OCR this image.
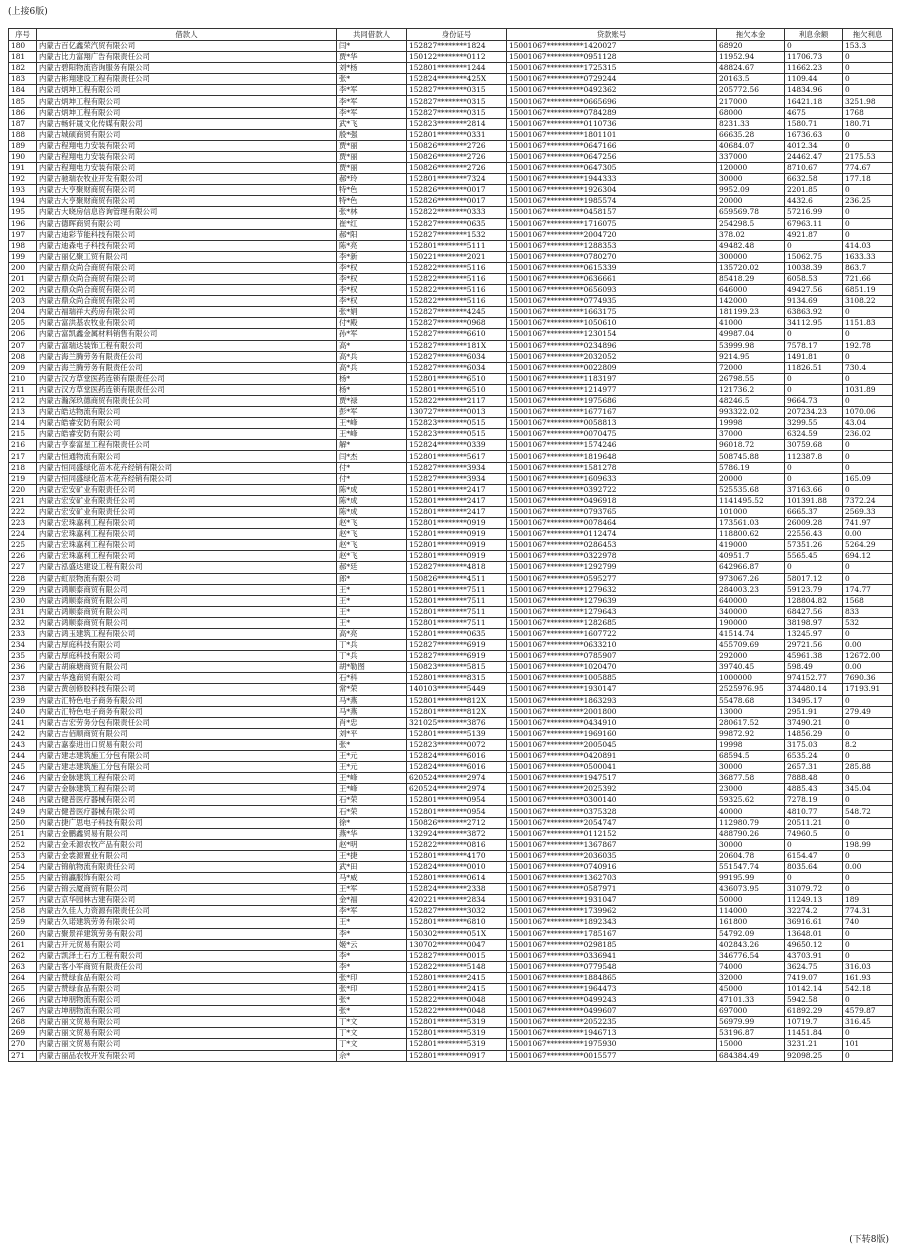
(上接6版)
序号	借款人	共同借款人	身份证号	贷款账号	拖欠本金	利息余额	拖欠利息
180	内蒙古百亿鑫荣汽贸有限公司	闫*	152827********1824	15001067**********1420027	68920	0	153.3
181	内蒙古比力富翔广告有限责任公司	贾*华	150122********0112	15001067**********0951128	11952.94	11706.73	0
182	内蒙古碧阳物流咨询服务有限公司	刘*杨	152801********1244	15001067**********1725315	48824.67	11662.23	0
183	内蒙古彬翔建设工程有限责任公司	张*	152824********425X	15001067**********0729244	20163.5	1109.44	0
184	内蒙古炳坤工程有限公司	李*军	152827********0315	15001067**********0492362	205772.56	14834.96	0
185	内蒙古炳坤工程有限公司	李*军	152827********0315	15001067**********0665696	217000	16421.18	3251.98
186	内蒙古炳坤工程有限公司	李*军	152827********0315	15001067**********0784289	68000	4675	1768
187	内蒙古畅轩晟文化传媒有限公司	武*飞	152823********2814	15001067**********0110736	8231.33	1580.71	180.71
188	内蒙古城硕商贸有限公司	殷*强	152801********0331	15001067**********1801101	66635.28	16736.63	0
189	内蒙古程翔电力安装有限公司	贾*丽	150826********2726	15001067**********0647166	40684.07	4012.34	0
190	内蒙古程翔电力安装有限公司	贾*丽	150826********2726	15001067**********0647256	337000	24462.47	2175.53
191	内蒙古程翔电力安装有限公司	贾*丽	150826********2726	15001067**********0647305	120000	8710.67	774.67
192	内蒙古驰瑞农牧业开发有限公司	郝*玲	152801********7324	15001067**********1944333	30000	6632.58	177.18
193	内蒙古大亨聚财商贸有限公司	特*色	152826********0017	15001067**********1926304	9952.09	2201.85	0
194	内蒙古大亨聚财商贸有限公司	特*色	152826********0017	15001067**********1985574	20000	4432.6	236.25
195	内蒙古大晓房信息咨询管理有限公司	张*林	152822********0333	15001067**********0458157	659569.78	57216.99	0
196	内蒙古德晖商贸有限公司	崔*红	152827********0635	15001067**********1716075	254298.5	67963.11	0
197	内蒙古迪彩节能科技有限公司	郝*阳	152827********1532	15001067**********2004720	378.02	4921.87	0
198	内蒙古迪森电子科技有限公司	陈*亮	152801********5111	15001067**********1288353	49482.48	0	414.03
199	内蒙古丽亿聚工贸有限公司	李*新	150221********2021	15001067**********0780270	300000	15062.75	1633.33
200	内蒙古鼎众尚合商贸有限公司	李*权	152822********5116	15001067**********0615339	135720.02	10038.39	863.7
201	内蒙古鼎众尚合商贸有限公司	李*权	152822********5116	15001067**********0636661	85418.29	6058.53	721.66
202	内蒙古鼎众尚合商贸有限公司	李*权	152822********5116	15001067**********0656093	646000	49427.56	6851.19
203	内蒙古鼎众尚合商贸有限公司	李*权	152822********5116	15001067**********0774935	142000	9134.69	3108.22
204	内蒙古福瑞祥大药房有限公司	张*娟	152827********4245	15001067**********1663175	181199.23	63863.92	0
205	内蒙古富洪基农牧业有限公司	付*殿	152827********0968	15001067**********1050610	41000	34112.95	1151.83
206	内蒙古富凯鑫金属材料销售有限公司	孙*军	152827********6610	15001067**********1230154	49987.04	0	0
207	内蒙古富瑞达装饰工程有限公司	高*	152827********181X	15001067**********0234896	53999.98	7578.17	192.78
208	内蒙古海兰腾劳务有限责任公司	高*兵	152827********6034	15001067**********2032052	9214.95	1491.81	0
209	内蒙古海兰腾劳务有限责任公司	高*兵	152827********6034	15001067**********0022809	72000	11826.51	730.4
210	内蒙古汉方草堂医药连锁有限责任公司	杨*	152801********6510	15001067**********1183197	26798.55	0	0
211	内蒙古汉方草堂医药连锁有限责任公司	杨*	152801********6510	15001067**********1214977	121736.2	0	1031.89
212	内蒙古瀚深玖德商贸有限责任公司	贾*禄	152822********2117	15001067**********1975686	48246.5	9664.73	0
213	内蒙古皓达物流有限公司	彭*军	130727********0013	15001067**********1677167	993322.02	207234.23	1070.06
214	内蒙古皓睿安防有限公司	王*峰	152823********0515	15001067**********0058813	19998	3299.55	43.04
215	内蒙古皓睿安防有限公司	王*峰	152823********0515	15001067**********0070475	37000	6324.59	236.02
216	内蒙古亨泰富星工程有限责任公司	解*	152824********0339	15001067**********1574246	96018.72	30759.68	0
217	内蒙古恒通物流有限公司	闫*杰	152801********5617	15001067**********1819648	508745.88	112387.8	0
218	内蒙古恒同盛绿化苗木花卉经销有限公司	付*	152827********3934	15001067**********1581278	5786.19	0	0
219	内蒙古恒同盛绿化苗木花卉经销有限公司	付*	152827********3934	15001067**********1609633	20000	0	165.09
220	内蒙古宏安矿业有限责任公司	陈*成	152801********2417	15001067**********0392722	525535.68	37163.66	0
221	内蒙古宏安矿业有限责任公司	陈*成	152801********2417	15001067**********0496918	1141495.52	101391.88	7372.24
222	内蒙古宏安矿业有限责任公司	陈*成	152801********2417	15001067**********0793765	101000	6665.37	2569.33
223	内蒙古宏珠嘉利工程有限公司	赵*飞	152801********0919	15001067**********0078464	173561.03	26009.28	741.97
224	内蒙古宏珠嘉利工程有限公司	赵*飞	152801********0919	15001067**********0112474	118800.62	22556.43	0.00
225	内蒙古宏珠嘉利工程有限公司	赵*飞	152801********0919	15001067**********0286453	419000	57351.26	5264.29
226	内蒙古宏珠嘉利工程有限公司	赵*飞	152801********0919	15001067**********0322978	40951.7	5565.45	694.12
227	内蒙古泓盛达建设工程有限公司	郝*廷	152827********4818	15001067**********1292799	642966.87	0	0
228	内蒙古虹辰物流有限公司	郎*	150826********4511	15001067**********0595277	973067.26	58017.12	0
229	内蒙古鸿顺泰商贸有限公司	王*	152801********7511	15001067**********1279632	284003.23	59123.79	174.77
230	内蒙古鸿顺泰商贸有限公司	王*	152801********7511	15001067**********1279639	640000	128804.82	1568
231	内蒙古鸿顺泰商贸有限公司	王*	152801********7511	15001067**********1279643	340000	68427.56	833
232	内蒙古鸿顺泰商贸有限公司	王*	152801********7511	15001067**********1282685	190000	38198.97	532
233	内蒙古鸿玉建筑工程有限公司	高*亮	152801********0635	15001067**********1607722	41514.74	13245.97	0
234	内蒙古厚庭科技有限公司	丁*兵	152827********6919	15001067**********0633210	455709.69	29721.56	0.00
235	内蒙古厚庭科技有限公司	丁*兵	152827********6919	15001067**********0785907	292000	45961.38	12672.00
236	内蒙古胡麻塘商贸有限公司	胡*勒图	150823********5815	15001067**********1020470	39740.45	598.49	0.00
237	内蒙古华逸商贸有限公司	石*科	152801********8315	15001067**********1005885	1000000	974152.77	7690.36
238	内蒙古黄创修胶科技有限公司	常*荣	140103********5449	15001067**********1930147	2525976.95	374480.14	17193.91
239	内蒙古汇特色电子商务有限公司	马*燕	152801********812X	15001067**********1863293	55478.68	13495.17	0
240	内蒙古汇特色电子商务有限公司	马*燕	152801********812X	15001067**********2001800	13000	2951.91	279.49
241	内蒙古吉宏劳务分包有限责任公司	肖*忠	321025********3876	15001067**********0434910	280617.52	37490.21	0
242	内蒙古吉佰顺商贸有限公司	刘*平	152801********5139	15001067**********1969160	99872.92	14856.29	0
243	内蒙古嘉泰进出口贸易有限公司	张*	152823********0072	15001067**********2005045	19998	3175.03	8.2
244	内蒙古建志建筑施工分包有限公司	王*元	152824********6016	15001067**********0420891	68594.5	6535.24	0
245	内蒙古建志建筑施工分包有限公司	王*元	152824********6016	15001067**********0500041	30000	2657.31	285.88
246	内蒙古金脉建筑工程有限公司	王*峰	620524********2974	15001067**********1947517	36877.58	7888.48	0
247	内蒙古金脉建筑工程有限公司	王*峰	620524********2974	15001067**********2025392	23000	4885.43	345.04
248	内蒙古健普医疗器械有限公司	石*荣	152801********0954	15001067**********0300140	59325.62	7278.19	0
249	内蒙古健普医疗器械有限公司	石*荣	152801********0954	15001067**********0375328	40000	4810.77	548.72
250	内蒙古捷广思电子科技有限公司	徐*	150826********2712	15001067**********2054747	112980.79	20511.21	0
251	内蒙古金鹏鑫贸易有限公司	燕*华	132924********3872	15001067**********0112152	488790.26	74960.5	0
252	内蒙古金禾源农牧产品有限公司	赵*明	152822********0816	15001067**********1367867	30000	0	198.99
253	内蒙古金裳源置业有限公司	王*捷	152801********4170	15001067**********2036035	20604.78	6154.47	0
254	内蒙古锦航物流有限责任公司	武*田	152824********0010	15001067**********0740916	551547.74	8035.64	0.00
255	内蒙古锦瀛服饰有限公司	马*威	152801********0614	15001067**********1362703	99195.99	0	0
256	内蒙古锦云厦商贸有限公司	王*军	152824********2338	15001067**********0587971	436073.95	31079.72	0
257	内蒙古京华园林古建有限公司	金*福	420221********2834	15001067**********1931047	50000	11249.13	189
258	内蒙古久佳人力资源有限责任公司	李*军	152827********3032	15001067**********1739962	114000	32274.2	774.31
259	内蒙古久诺建筑劳务有限公司	王*	152801********6810	15001067**********1892343	161800	36916.61	740
260	内蒙古聚景祥建筑劳务有限公司	李*	150302********051X	15001067**********1785167	54792.09	13648.01	0
261	内蒙古开元贸易有限公司	姬*云	130702********0047	15001067**********0298185	402843.26	49650.12	0
262	内蒙古凯泽土石方工程有限公司	李*	152827********0015	15001067**********0336941	346776.54	43703.91	0
263	内蒙古客小军商贸有限责任公司	李*	152822********5148	15001067**********0779548	74000	3624.75	316.03
264	内蒙古赞绿食品有限公司	张*印	152801********2415	15001067**********1884865	32000	7419.07	161.93
265	内蒙古赞绿食品有限公司	张*印	152801********2415	15001067**********1964473	45000	10142.14	542.18
266	内蒙古坤朋物流有限公司	张*	152822********0048	15001067**********0499243	47101.33	5942.58	0
267	内蒙古坤朋物流有限公司	张*	152822********0048	15001067**********0499607	697000	61892.29	4579.87
268	内蒙古丽文贸易有限公司	丁*文	152801********5319	15001067**********2052235	56979.99	10719.7	316.45
269	内蒙古丽文贸易有限公司	丁*文	152801********5319	15001067**********1946713	53196.87	11451.84	0
270	内蒙古丽文贸易有限公司	丁*文	152801********5319	15001067**********1975930	15000	3231.21	101
271	内蒙古丽品农牧开发有限公司	佘*	152801********0917	15001067**********0015577	684384.49	92098.25	0
(下转8版)
